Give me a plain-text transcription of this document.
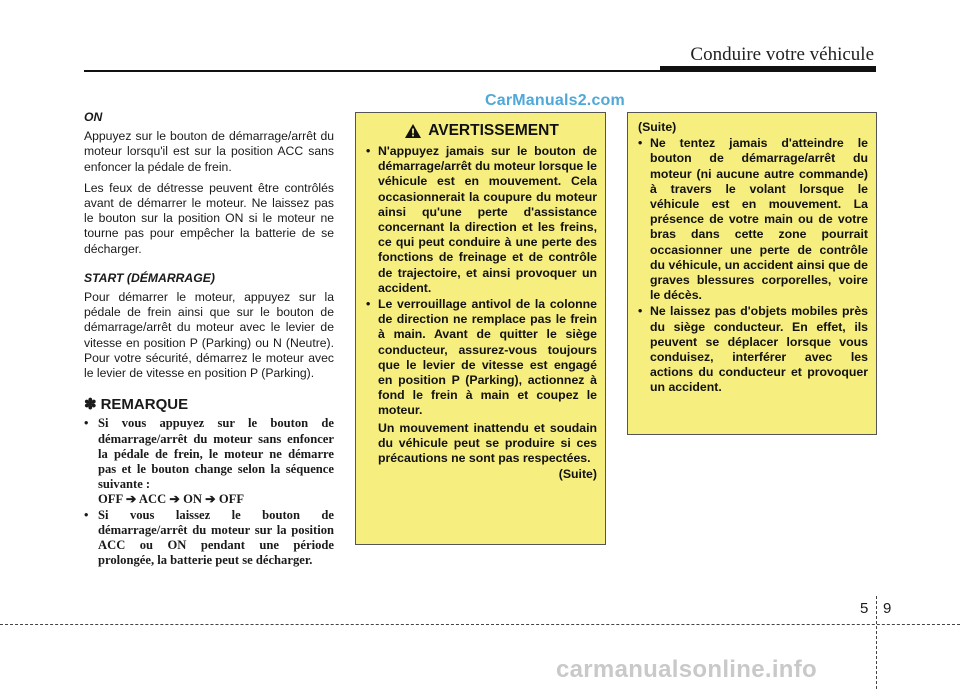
Conduire votre véhicule
CarManuals2.com
ON

Appuyez sur le bouton de démarrage/arrêt du moteur lorsqu'il est sur la position ACC sans enfoncer la pédale de frein.

Les feux de détresse peuvent être contrôlés avant de démarrer le moteur. Ne laissez pas le bouton sur la position ON si le moteur ne tourne pas pour empêcher la batterie de se décharger.

START (DÉMARRAGE)

Pour démarrer le moteur, appuyez sur la pédale de frein ainsi que sur le bouton de démarrage/arrêt du moteur avec le levier de vitesse en position P (Parking) ou N (Neutre). Pour votre sécurité, démarrez le moteur avec le levier de vitesse en position P (Parking).

✽ REMARQUE
• Si vous appuyez sur le bouton de démarrage/arrêt du moteur sans enfoncer la pédale de frein, le moteur ne démarre pas et le bouton change selon la séquence suivante :
OFF ➔ ACC ➔ ON ➔ OFF
• Si vous laissez le bouton de démarrage/arrêt du moteur sur la position ACC ou ON pendant une période prolongée, la batterie peut se décharger.
AVERTISSEMENT
• N'appuyez jamais sur le bouton de démarrage/arrêt du moteur lorsque le véhicule est en mouvement. Cela occasionnerait la coupure du moteur ainsi qu'une perte d'assistance concernant la direction et les freins, ce qui peut conduire à une perte des fonctions de freinage et de contrôle de trajectoire, et ainsi provoquer un accident.
• Le verrouillage antivol de la colonne de direction ne remplace pas le frein à main. Avant de quitter le siège conducteur, assurez-vous toujours que le levier de vitesse est engagé en position P (Parking), actionnez à fond le frein à main et coupez le moteur.
Un mouvement inattendu et soudain du véhicule peut se produire si ces précautions ne sont pas respectées.
(Suite)
(Suite)
• Ne tentez jamais d'atteindre le bouton de démarrage/arrêt du moteur (ni aucune autre commande) à travers le volant lorsque le véhicule est en mouvement. La présence de votre main ou de votre bras dans cette zone pourrait occasionner une perte de contrôle du véhicule, un accident ainsi que de graves blessures corporelles, voire le décès.
• Ne laissez pas d'objets mobiles près du siège conducteur. En effet, ils peuvent se déplacer lorsque vous conduisez, interférer avec les actions du conducteur et provoquer un accident.
5 9
carmanualsonline.info
